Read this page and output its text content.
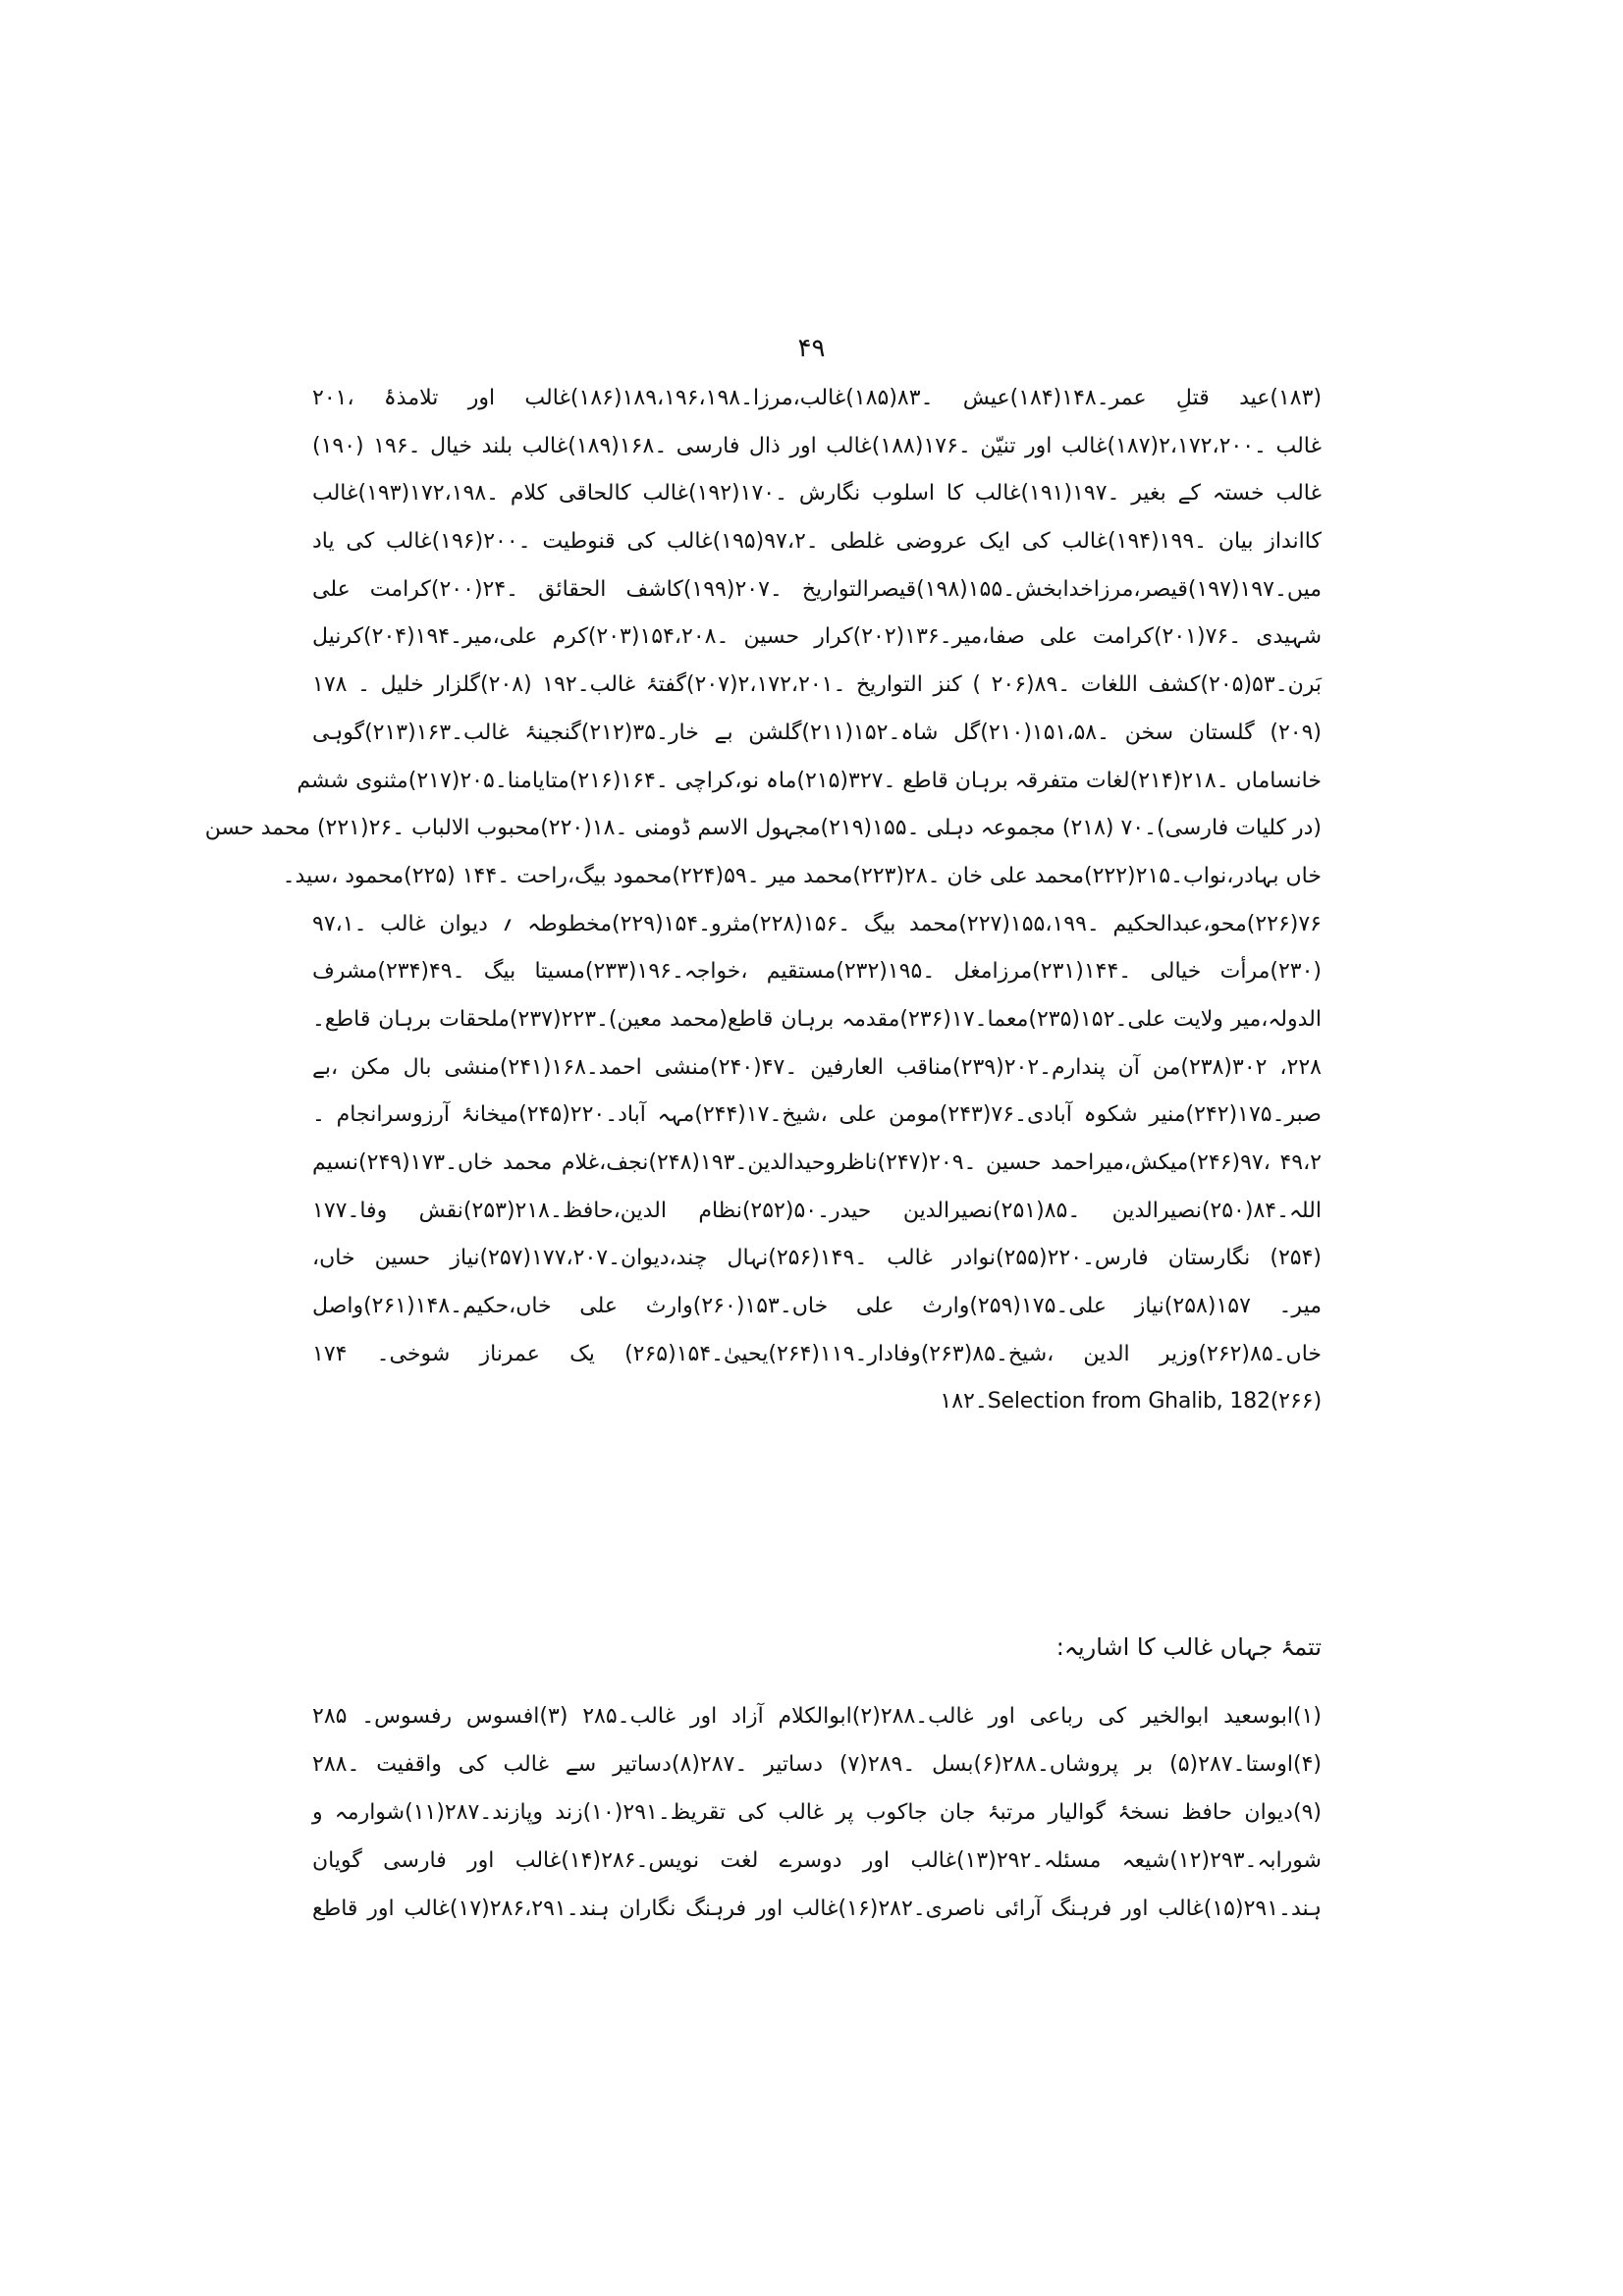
۴۹
(۱۸۳)عید قتلِ عمر۔۱۴۸(۱۸۴)عیش ۔۸۳(۱۸۵)غالب،مرزا۔۱۸۹،۱۹۶،۱۹۸(۱۸۶)غالب اور تلامذۂ ،۲۰۱
غالب ۔۲،۱۷۲،۲۰۰(۱۸۷)غالب اور تنیّن ۔۱۷۶(۱۸۸)غالب اور ذال فارسی ۔۱۶۸(۱۸۹)غالب بلند خیال ۔۱۹۶ (۱۹۰)
غالب خستہ کے بغیر ۔۱۹۷(۱۹۱)غالب کا اسلوب نگارش ۔۱۷۰(۱۹۲)غالب کالحاقی کلام ۔۱۷۲،۱۹۸(۱۹۳)غالب
کاانداز بیان ۔۱۹۹(۱۹۴)غالب کی ایک عروضی غلطی ۔۹۷،۲(۱۹۵)غالب کی قنوطیت ۔۲۰۰(۱۹۶)غالب کی یاد
میں۔۱۹۷(۱۹۷)قیصر،مرزاخدابخش۔۱۵۵(۱۹۸)قیصرالتواریخ ۔۲۰۷(۱۹۹)کاشف الحقائق ۔۲۴(۲۰۰)کرامت علی
شہیدی ۔۷۶(۲۰۱)کرامت علی صفا،میر۔۱۳۶(۲۰۲)کرار حسین ۔۱۵۴،۲۰۸(۲۰۳)کرم علی،میر۔۱۹۴(۲۰۴)کرنیل
بَرن۔۵۳(۲۰۵)کشف اللغات ۔۸۹(۲۰۶ ) کنز التواریخ ۔۲،۱۷۲،۲۰۱(۲۰۷)گفتۂ غالب۔۱۹۲ (۲۰۸)گلزار خلیل ۔ ۱۷۸
(۲۰۹) گلستان سخن ۔۱۵۱،۵۸(۲۱۰)گل شاہ۔۱۵۲(۲۱۱)گلشن بے خار۔۳۵(۲۱۲)گنجینۂ غالب۔۱۶۳(۲۱۳)گوہی
خانساماں ۔۲۱۸(۲۱۴)لغات متفرقہ برہان قاطع ۔۳۲۷(۲۱۵)ماہ نو،کراچی ۔۱۶۴(۲۱۶)متایامنا۔۲۰۵(۲۱۷)مثنوی ششم
(در کلیات فارسی)۔۷۰ (۲۱۸) مجموعہ دہلی ۔۱۵۵(۲۱۹)مجہول الاسم ڈومنی ۔۱۸(۲۲۰)محبوب الالباب ۔۲۶(۲۲۱) محمد حسن
خاں بہادر،نواب۔۲۱۵(۲۲۲)محمد علی خان ۔۲۸(۲۲۳)محمد میر ۔۵۹(۲۲۴)محمود بیگ،راحت ۔۱۴۴ (۲۲۵)محمود ،سید۔
۷۶(۲۲۶)محو،عبدالحکیم ۔۱۵۵،۱۹۹(۲۲۷)محمد بیگ ۔۱۵۶(۲۲۸)مثرو۔۱۵۴(۲۲۹)مخطوطہ ؍ دیوان غالب ۔۹۷،۱
(۲۳۰)مرأت خیالی ۔۱۴۴(۲۳۱)مرزامغل ۔۱۹۵(۲۳۲)مستقیم ،خواجہ۔۱۹۶(۲۳۳)مسیتا بیگ ۔۴۹(۲۳۴)مشرف
الدولہ،میر ولایت علی۔۱۵۲(۲۳۵)معما۔۱۷(۲۳۶)مقدمہ برہان قاطع(محمد معین)۔۲۲۳(۲۳۷)ملحقات برہان قاطع۔
۲۲۸، ۳۰۲(۲۳۸)من آن پندارم۔۲۰۲(۲۳۹)مناقب العارفین ۔۴۷(۲۴۰)منشی احمد۔۱۶۸(۲۴۱)منشی بال مکن ،بے
صبر۔۱۷۵(۲۴۲)منیر شکوہ آبادی۔۷۶(۲۴۳)مومن علی ،شیخ۔۱۷(۲۴۴)مہہ آباد۔۲۲۰(۲۴۵)میخانۂ آرزوسرانجام ۔
۴۹،۲ ،۹۷(۲۴۶)میکش،میراحمد حسین ۔۲۰۹(۲۴۷)ناظروحیدالدین۔۱۹۳(۲۴۸)نجف،غلام محمد خاں۔۱۷۳(۲۴۹)نسیم
اللہ۔۸۴(۲۵۰)نصیرالدین ۔۸۵(۲۵۱)نصیرالدین حیدر۔۵۰(۲۵۲)نظام الدین،حافظ۔۲۱۸(۲۵۳)نقش وفا۔۱۷۷
(۲۵۴) نگارستان فارس۔۲۲۰(۲۵۵)نوادر غالب ۔۱۴۹(۲۵۶)نہال چند،دیوان۔۱۷۷،۲۰۷(۲۵۷)نیاز حسین خاں،
میر۔ ۱۵۷(۲۵۸)نیاز علی۔۱۷۵(۲۵۹)وارث علی خاں۔۱۵۳(۲۶۰)وارث علی خاں،حکیم۔۱۴۸(۲۶۱)واصل
خاں۔۸۵(۲۶۲)وزیر الدین ،شیخ۔۸۵(۲۶۳)وفادار۔۱۱۹(۲۶۴)یحییٰ۔۱۵۴(۲۶۵) یک عمرناز شوخی۔ ۱۷۴
Selection from Ghalib, 182(۲۶۶)۔۱۸۲
تتمۂ جہاں غالب کا اشاریہ:
(۱)ابوسعید ابوالخیر کی رباعی اور غالب۔۲۸۸(۲)ابوالکلام آزاد اور غالب۔۲۸۵ (۳)افسوس رفسوس۔ ۲۸۵
(۴)اوستا۔۲۸۷(۵) بر پروشاں۔۲۸۸(۶)بسل ۔۲۸۹(۷) دساتیر ۔۲۸۷(۸)دساتیر سے غالب کی واقفیت ۔۲۸۸
(۹)دیوان حافظ نسخۂ گوالیار مرتبۂ جان جاکوب پر غالب کی تقریظ۔۲۹۱(۱۰)زند وپازند۔۲۸۷(۱۱)شوارمہ و
شورابہ۔۲۹۳(۱۲)شیعہ مسئلہ۔۲۹۲(۱۳)غالب اور دوسرے لغت نویس۔۲۸۶(۱۴)غالب اور فارسی گویان
ہند۔۲۹۱(۱۵)غالب اور فرہنگ آرائی ناصری۔۲۸۲(۱۶)غالب اور فرہنگ نگاران ہند۔۲۸۶،۲۹۱(۱۷)غالب اور قاطع
